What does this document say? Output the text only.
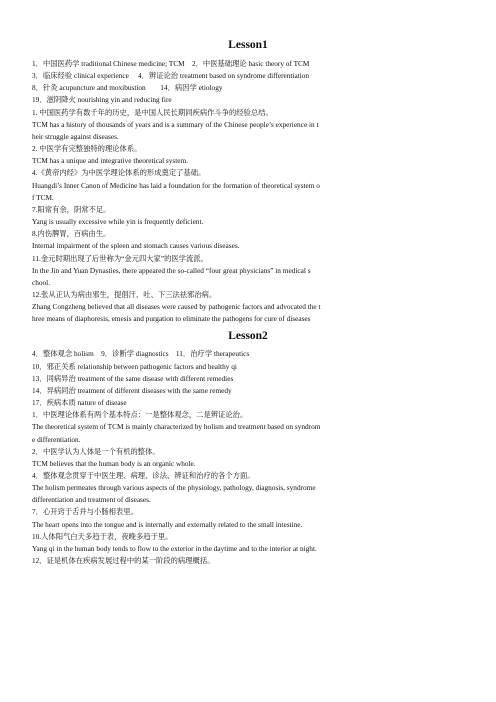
Lesson1
1．中国医药学 traditional Chinese medicine; TCM　2．中医基础理论 basic theory of TCM
3．临床经验 clinical experience　 4．辨证论治 treatment based on syndrome differentiation
8．针灸 acupuncture and moxibustion　　14．病因学 etiology
19．滋阴降火 nourishing yin and reducing fire
1. 中国医药学有数千年的历史，是中国人民长期同疾病作斗争的经验总结。
TCM has a history of thousands of years and is a summary of the Chinese people’s experience in t
heir struggle against diseases.
2. 中医学有完整独特的理论体系。
TCM has a unique and integrative theoretical system.
4.《黄帝内经》为中医学理论体系的形成奠定了基础。
Huangdi’s Inner Canon of Medicine has laid a foundation for the formation of theoretical system o
f TCM.
7.阳常有余，阴常不足。
Yang is usually excessive while yin is frequently deficient.
8.内伤脾胃，百病由生。
Internal impairment of the spleen and stomach causes various diseases.
11.金元时期出现了后世称为“金元四大家”的医学流派。
In the Jin and Yuan Dynasties, there appeared the so-called “four great physicians” in medical s
chool.
12.张从正认为病由邪生，提倡汗、吐、下三法祛邪治病。
Zhang Congzheng believed that all diseases were caused by pathogenic factors and advocated the t
hree means of diaphoresis, emesis and purgation to eliminate the pathogens for cure of diseases
Lesson2
4．整体观念 holism　9．诊断学 diagnostics　11．治疗学 therapeutics
10．邪正关系 relationship between pathogenic factors and healthy qi
13．同病异治 treatment of the same disease with different remedies
14．异病同治 treatment of different diseases with the same remedy
17．疾病本质 nature of disease
1．中医理论体系有两个基本特点：一是整体观念，二是辨证论治。
The theoretical system of TCM is mainly characterized by holism and treatment based on syndrom
e differentiation.
2．中医学认为人体是一个有机的整体。
TCM believes that the human body is an organic whole.
4．整体观念贯穿于中医生理、病理、诊法、辨证和治疗的各个方面。
The holism permeates through various aspects of the physiology, pathology, diagnosis, syndrome
differentiation and treatment of diseases.
7．心开窍于舌并与小肠相表里。
The heart opens into the tongue and is internally and externally related to the small intestine.
10.人体阳气白天多趋于表，夜晚多趋于里。
Yang qi in the human body tends to flow to the exterior in the daytime and to the interior at night.
12．证是机体在疾病发展过程中的某一阶段的病理概括。
